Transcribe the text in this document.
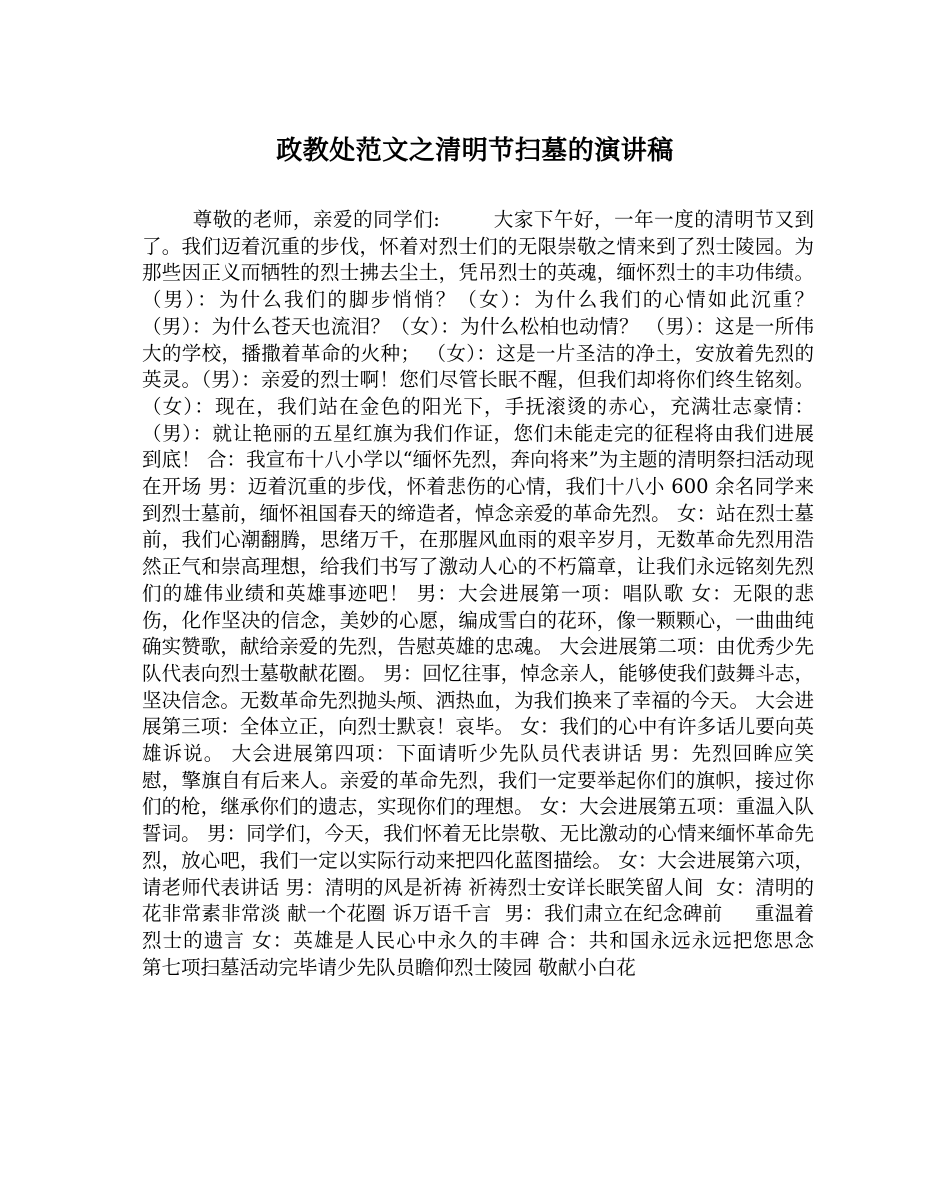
政教处范文之清明节扫墓的演讲稿

尊敬的老师，亲爱的同学们:        大家下午好，一年一度的清明节又到了。我们迈着沉重的步伐，怀着对烈士们的无限崇敬之情来到了烈士陵园。为那些因正义而牺牲的烈士拂去尘土，凭吊烈士的英魂，缅怀烈士的丰功伟绩。 （男）：为什么我们的脚步悄悄？（女）：为什么我们的心情如此沉重？ （男）：为什么苍天也流泪？（女）：为什么松柏也动情？ （男）：这是一所伟大的学校，播撒着革命的火种； （女）：这是一片圣洁的净土，安放着先烈的英灵。（男）：亲爱的烈士啊！您们尽管长眠不醒，但我们却将你们终生铭刻。 （女）：现在，我们站在金色的阳光下，手抚滚烫的赤心，充满壮志豪情： （男）：就让艳丽的五星红旗为我们作证，您们未能走完的征程将由我们进展到底！ 合：我宣布十八小学以“缅怀先烈，奔向将来”为主题的清明祭扫活动现在开场 男：迈着沉重的步伐，怀着悲伤的心情，我们十八小 600 余名同学来到烈士墓前，缅怀祖国春天的缔造者，悼念亲爱的革命先烈。 女：站在烈士墓前，我们心潮翻腾，思绪万千，在那腥风血雨的艰辛岁月，无数革命先烈用浩然正气和崇高理想，给我们书写了激动人心的不朽篇章，让我们永远铭刻先烈们的雄伟业绩和英雄事迹吧！ 男：大会进展第一项：唱队歌 女：无限的悲伤，化作坚决的信念，美妙的心愿，编成雪白的花环，像一颗颗心，一曲曲纯确实赞歌，献给亲爱的先烈，告慰英雄的忠魂。 大会进展第二项：由优秀少先队代表向烈士墓敬献花圈。 男：回忆往事，悼念亲人，能够使我们鼓舞斗志，坚决信念。无数革命先烈抛头颅、洒热血，为我们换来了幸福的今天。 大会进展第三项：全体立正，向烈士默哀！哀毕。 女：我们的心中有许多话儿要向英雄诉说。 大会进展第四项：下面请听少先队员代表讲话 男：先烈回眸应笑慰，擎旗自有后来人。亲爱的革命先烈，我们一定要举起你们的旗帜，接过你们的枪，继承你们的遗志，实现你们的理想。 女：大会进展第五项：重温入队誓词。 男：同学们，今天，我们怀着无比崇敬、无比激动的心情来缅怀革命先烈，放心吧，我们一定以实际行动来把四化蓝图描绘。 女：大会进展第六项，请老师代表讲话 男：清明的风是祈祷 祈祷烈士安详长眠笑留人间  女：清明的花非常素非常淡 献一个花圈 诉万语千言  男：我们肃立在纪念碑前     重温着烈士的遗言 女：英雄是人民心中永久的丰碑 合：共和国永远永远把您思念       第七项扫墓活动完毕请少先队员瞻仰烈士陵园 敬献小白花
